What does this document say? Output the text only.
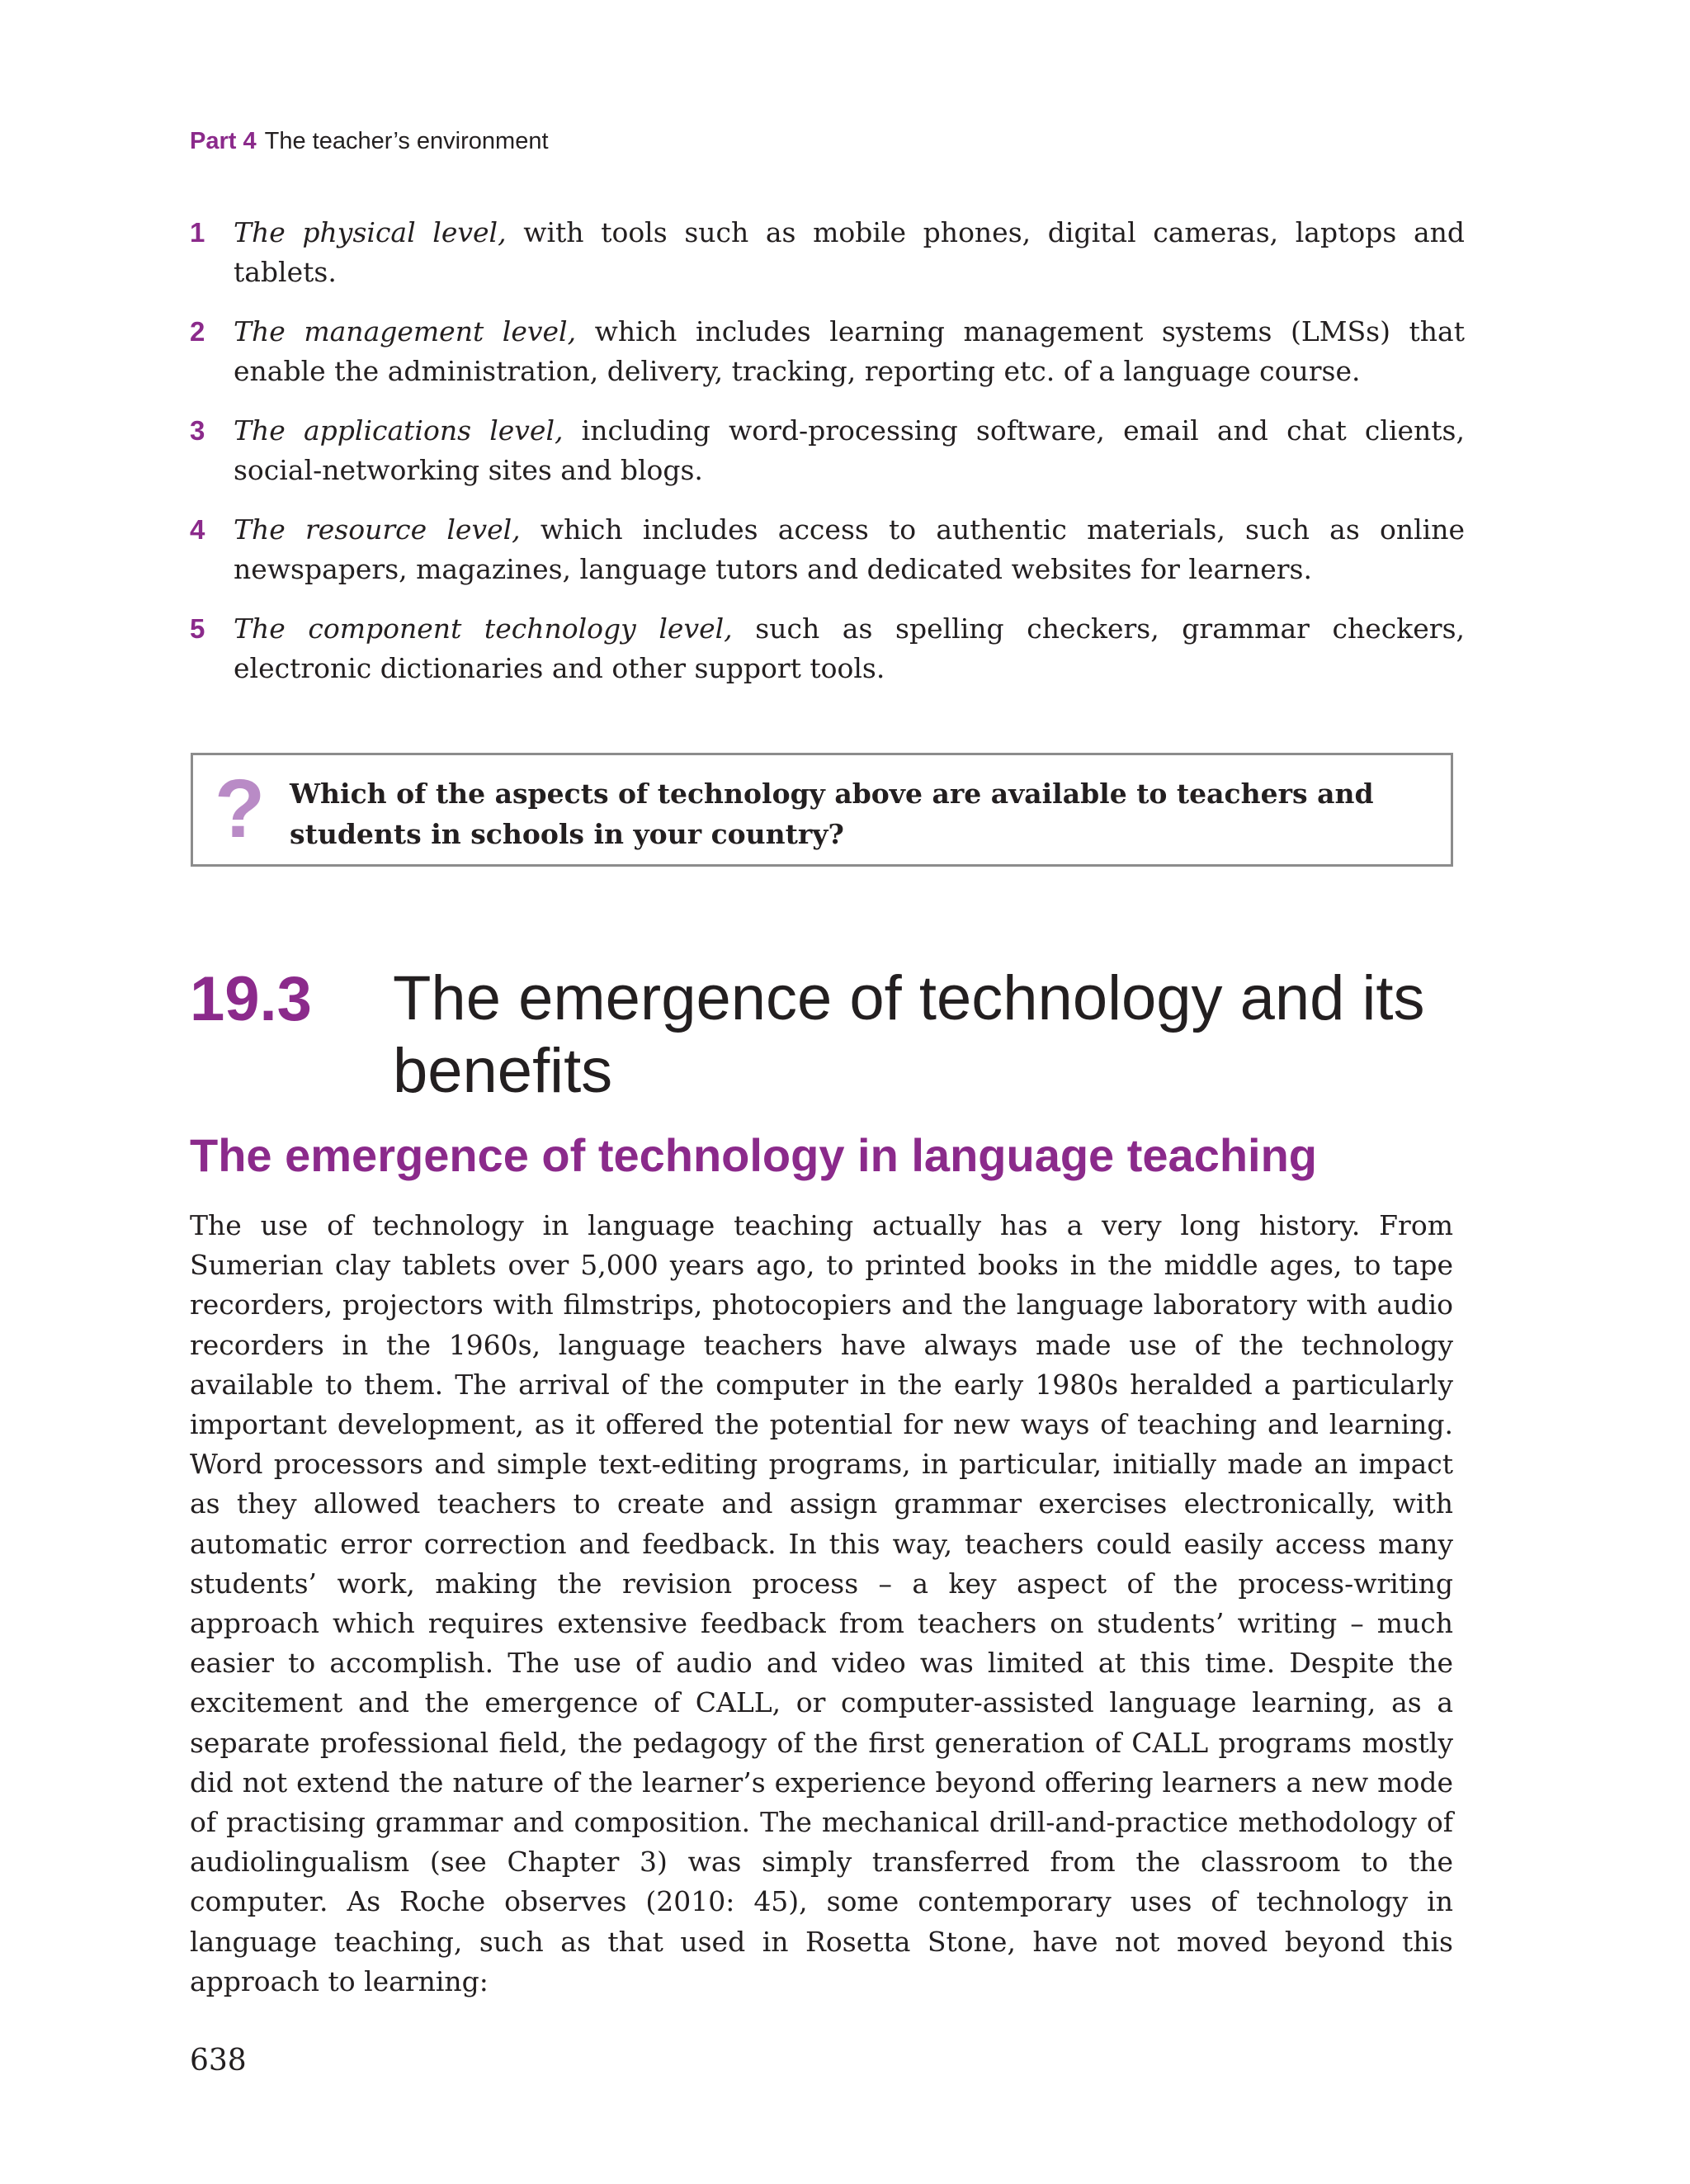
Part 4 The teacher’s environment
1 The physical level, with tools such as mobile phones, digital cameras, laptops and tablets.
2 The management level, which includes learning management systems (LMSs) that enable the administration, delivery, tracking, reporting etc. of a language course.
3 The applications level, including word-processing software, email and chat clients, social-networking sites and blogs.
4 The resource level, which includes access to authentic materials, such as online newspapers, magazines, language tutors and dedicated websites for learners.
5 The component technology level, such as spelling checkers, grammar checkers, electronic dictionaries and other support tools.
? Which of the aspects of technology above are available to teachers and students in schools in your country?
19.3 The emergence of technology and its benefits
The emergence of technology in language teaching

The use of technology in language teaching actually has a very long history. From Sumerian clay tablets over 5,000 years ago, to printed books in the middle ages, to tape recorders, projectors with filmstrips, photocopiers and the language laboratory with audio recorders in the 1960s, language teachers have always made use of the technology available to them. The arrival of the computer in the early 1980s heralded a particularly important development, as it offered the potential for new ways of teaching and learning. Word processors and simple text-editing programs, in particular, initially made an impact as they allowed teachers to create and assign grammar exercises electronically, with automatic error correction and feedback. In this way, teachers could easily access many students’ work, making the revision process – a key aspect of the process-writing approach which requires extensive feedback from teachers on students’ writing – much easier to accomplish. The use of audio and video was limited at this time. Despite the excitement and the emergence of CALL, or computer-assisted language learning, as a separate professional field, the pedagogy of the first generation of CALL programs mostly did not extend the nature of the learner’s experience beyond offering learners a new mode of practising grammar and composition. The mechanical drill-and-practice methodology of audiolingualism (see Chapter 3) was simply transferred from the classroom to the computer. As Roche observes (2010: 45), some contemporary uses of technology in language teaching, such as that used in Rosetta Stone, have not moved beyond this approach to learning:

638
